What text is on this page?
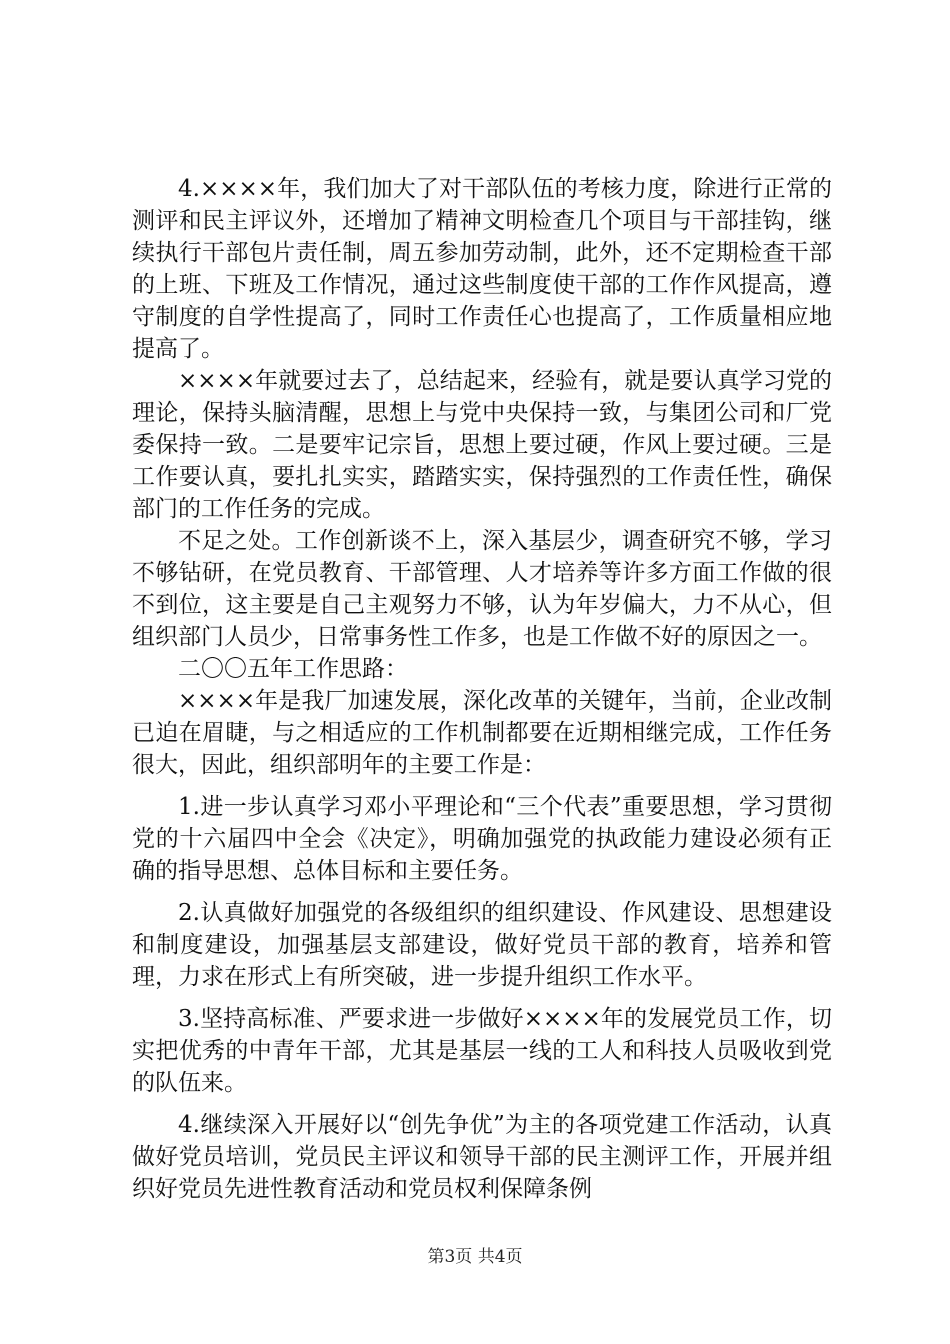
4.××××年，我们加大了对干部队伍的考核力度，除进行正常的测评和民主评议外，还增加了精神文明检查几个项目与干部挂钩，继续执行干部包片责任制，周五参加劳动制，此外，还不定期检查干部的上班、下班及工作情况，通过这些制度使干部的工作作风提高，遵守制度的自学性提高了，同时工作责任心也提高了，工作质量相应地提高了。

××××年就要过去了，总结起来，经验有，就是要认真学习党的理论，保持头脑清醒，思想上与党中央保持一致，与集团公司和厂党委保持一致。二是要牢记宗旨，思想上要过硬，作风上要过硬。三是工作要认真，要扎扎实实，踏踏实实，保持强烈的工作责任性，确保部门的工作任务的完成。

不足之处。工作创新谈不上，深入基层少，调查研究不够，学习不够钻研，在党员教育、干部管理、人才培养等许多方面工作做的很不到位，这主要是自己主观努力不够，认为年岁偏大，力不从心，但组织部门人员少，日常事务性工作多，也是工作做不好的原因之一。

二〇〇五年工作思路：

××××年是我厂加速发展，深化改革的关键年，当前，企业改制已迫在眉睫，与之相适应的工作机制都要在近期相继完成，工作任务很大，因此，组织部明年的主要工作是：

1.进一步认真学习邓小平理论和“三个代表”重要思想，学习贯彻党的十六届四中全会《决定》，明确加强党的执政能力建设必须有正确的指导思想、总体目标和主要任务。

2.认真做好加强党的各级组织的组织建设、作风建设、思想建设和制度建设，加强基层支部建设，做好党员干部的教育，培养和管理，力求在形式上有所突破，进一步提升组织工作水平。

3.坚持高标准、严要求进一步做好××××年的发展党员工作，切实把优秀的中青年干部，尤其是基层一线的工人和科技人员吸收到党的队伍来。

4.继续深入开展好以“创先争优”为主的各项党建工作活动，认真做好党员培训，党员民主评议和领导干部的民主测评工作，开展并组织好党员先进性教育活动和党员权利保障条例

第3页 共4页
